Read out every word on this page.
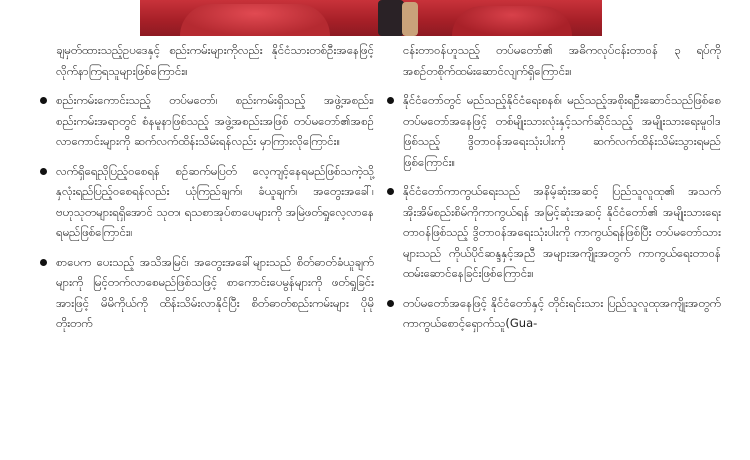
ချမှတ်ထားသည့်ဥပဒေနှင့် စည်းကမ်းများကိုလည်း နိုင်ငံသားတစ်ဦးအနေဖြင့် လိုက်နာကြရသူများဖြစ်ကြောင်း။

စည်းကမ်းကောင်းသည့် တပ်မတော်၊ စည်းကမ်းရှိသည့် အဖွဲ့အစည်း၊ စည်းကမ်းအရာတွင် စံနမူနာဖြစ်သည့် အဖွဲ့အစည်းအဖြစ် တပ်မတော်၏အစဉ်လာကောင်းများကို ဆက်လက်ထိန်းသိမ်းရန်လည်း မှာကြားလိုကြောင်း။

လက်ရှိရေညိုပြည့်ဝစေရန် စဉ်ဆက်မပြတ် လေ့ကျင့်နေရမည်ဖြစ်သကဲ့သို့ နှလုံးရည်ပြည့်ဝစေရန်လည်း ယုံကြည်ချက်၊ ခံယူချက်၊ အတွေးအခေါ်၊ ဗဟုသုတများရရှိအောင် သုတ၊ ရသစာအုပ်စာပေများကို အမြဲဖတ်ရှုလေ့လာနေရမည်ဖြစ်ကြောင်း။

စာပေက ပေးသည့် အသိအမြင်၊ အတွေးအခေါ်များသည် စိတ်ဓာတ်ခံယူချက်များကို မြင့်တက်လာစေမည်ဖြစ်သဖြင့် စာကောင်းပေမွန်များကို ဖတ်ရှုခြင်းအားဖြင့် မိမိကိုယ်ကို ထိန်းသိမ်းလာနိုင်ပြီး စိတ်ဓာတ်စည်းကမ်းများ ပိုမိုတိုးတက်

ငန်းတာဝန်ဟူသည့် တပ်မတော်၏ အဓိကလုပ်ငန်းတာဝန် ၃ ရပ်ကို အစဉ်တစိုက်ထမ်းဆောင်လျက်ရှိကြောင်း။

နိုင်ငံတော်တွင် မည်သည့်နိုင်ငံရေးစနစ်၊ မည်သည့်အစိုးရဦးဆောင်သည်ဖြစ်စေ တပ်မတော်အနေဖြင့် တစ်မျိုးသားလုံးနှင့်သက်ဆိုင်သည့် အမျိုးသားရေးမူဝါဒဖြစ်သည့် ဒွိတာဝန်အရေးသုံးပါးကို ဆက်လက်ထိန်းသိမ်းသွားရမည်ဖြစ်ကြောင်း။

နိုင်ငံတော်ကာကွယ်ရေးသည် အနိမ့်ဆုံးအဆင့် ပြည်သူလူထု၏ အသက်အိုးအိမ်စည်းစိမ်ကိုကာကွယ်ရန် အမြင့်ဆုံးအဆင့် နိုင်ငံတော်၏ အမျိုးသားရေးတာဝန်ဖြစ်သည့် ဒွိတာဝန်အရေးသုံးပါးကို ကာကွယ်ရန်ဖြစ်ပြီး တပ်မတော်သားများသည် ကိုယ်ပိုင်ဆန္ဒနှင့်အညီ အများအကျိုးအတွက် ကာကွယ်ရေးတာဝန်ထမ်းဆောင်နေခြင်းဖြစ်ကြောင်း။

တပ်မတော်အနေဖြင့် နိုင်ငံတော်နှင့် တိုင်းရင်းသား ပြည်သူလူထုအကျိုးအတွက် ကာကွယ်စောင့်ရှောက်သူ(Gua-
